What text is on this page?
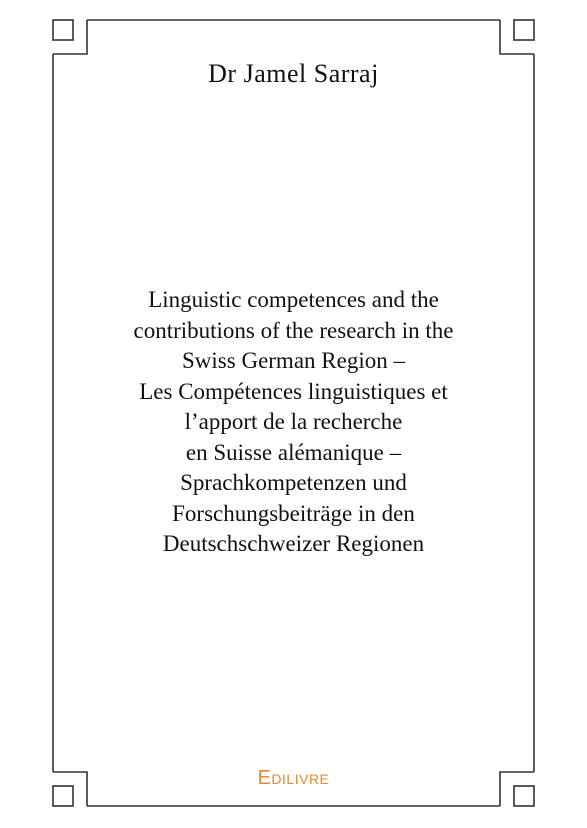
Dr Jamel Sarraj
Linguistic competences and the
contributions of the research in the
Swiss German Region –
Les Compétences linguistiques et
l’apport de la recherche
en Suisse alémanique –
Sprachkompetenzen und
Forschungsbeiträge in den
Deutschschweizer Regionen
Edilivre
